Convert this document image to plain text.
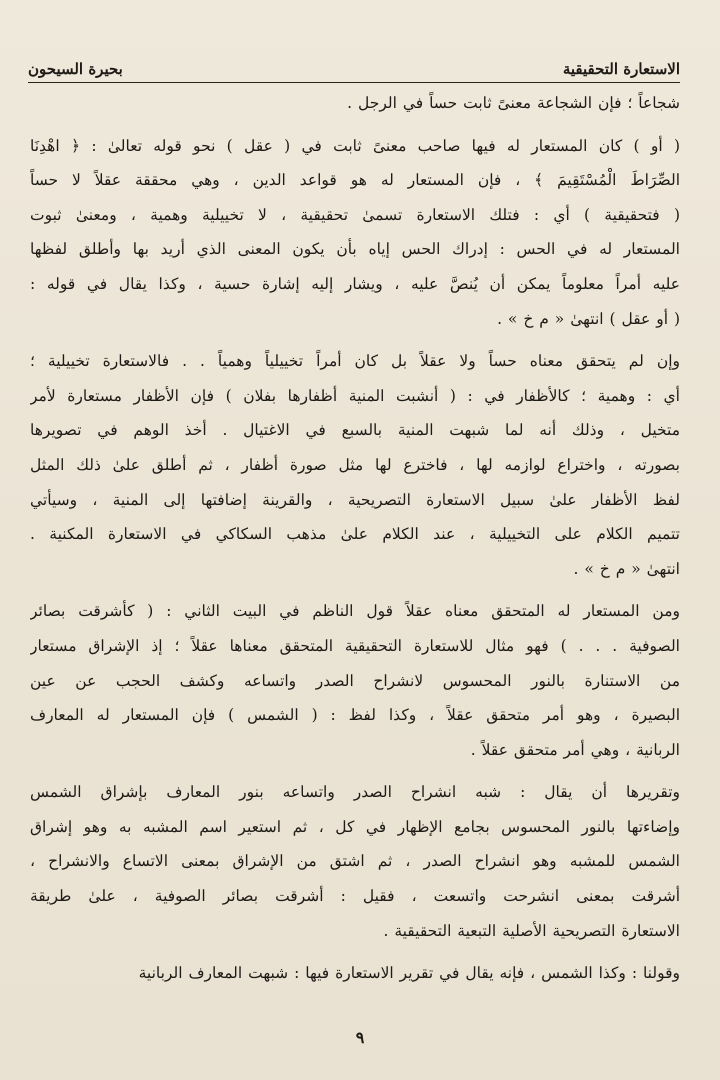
الاستعارة التحقيقية
بحيرة السيحون
شجاعاً ؛ فإن الشجاعة معنىً ثابت حساً في الرجل .
( أو ) كان المستعار له فيها صاحب معنىً ثابت في ( عقل ) نحو قوله تعالىٰ : ﴿ اهْدِنَا
الصِّرَاطَ الْمُسْتَقِيمَ ﴾ ، فإن المستعار له هو قواعد الدين ، وهي محققة عقلاً لا حساً
( فتحقيقية ) أي : فتلك الاستعارة تسمىٰ تحقيقية ، لا تخييلية وهمية ، ومعنىٰ ثبوت
المستعار له في الحس : إدراك الحس إياه بأن يكون المعنى الذي أريد بها وأطلق لفظها
عليه أمراً معلوماً يمكن أن يُنصَّ عليه ، ويشار إليه إشارة حسية ، وكذا يقال في قوله :
( أو عقل ) انتهىٰ « م خ » .
وإن لم يتحقق معناه حساً ولا عقلاً بل كان أمراً تخييلياً وهمياً . . فالاستعارة تخييلية ؛
أي : وهمية ؛ كالأظفار في : ( أنشبت المنية أظفارها بفلان ) فإن الأظفار مستعارة لأمر
متخيل ، وذلك أنه لما شبهت المنية بالسبع في الاغتيال . أخذ الوهم في تصويرها
بصورته ، واختراع لوازمه لها ، فاخترع لها مثل صورة أظفار ، ثم أطلق علىٰ ذلك المثل
لفظ الأظفار علىٰ سبيل الاستعارة التصريحية ، والقرينة إضافتها إلى المنية ، وسيأتي
تتميم الكلام على التخييلية ، عند الكلام علىٰ مذهب السكاكي في الاستعارة المكنية .
انتهىٰ « م خ » .
ومن المستعار له المتحقق معناه عقلاً قول الناظم في البيت الثاني : ( كأشرقت بصائر
الصوفية . . . ) فهو مثال للاستعارة التحقيقية المتحقق معناها عقلاً ؛ إذ الإشراق مستعار
من الاستنارة بالنور المحسوس لانشراح الصدر واتساعه وكشف الحجب عن عين
البصيرة ، وهو أمر متحقق عقلاً ، وكذا لفظ : ( الشمس ) فإن المستعار له المعارف
الربانية ، وهي أمر متحقق عقلاً .
وتقريرها أن يقال : شبه انشراح الصدر واتساعه بنور المعارف بإشراق الشمس
وإضاءتها بالنور المحسوس بجامع الإظهار في كل ، ثم استعير اسم المشبه به وهو إشراق
الشمس للمشبه وهو انشراح الصدر ، ثم اشتق من الإشراق بمعنى الاتساع والانشراح ،
أشرقت بمعنى انشرحت واتسعت ، فقيل : أشرقت بصائر الصوفية ، علىٰ طريقة
الاستعارة التصريحية الأصلية التبعية التحقيقية .
وقولنا : وكذا الشمس ، فإنه يقال في تقرير الاستعارة فيها : شبهت المعارف الربانية
٩
